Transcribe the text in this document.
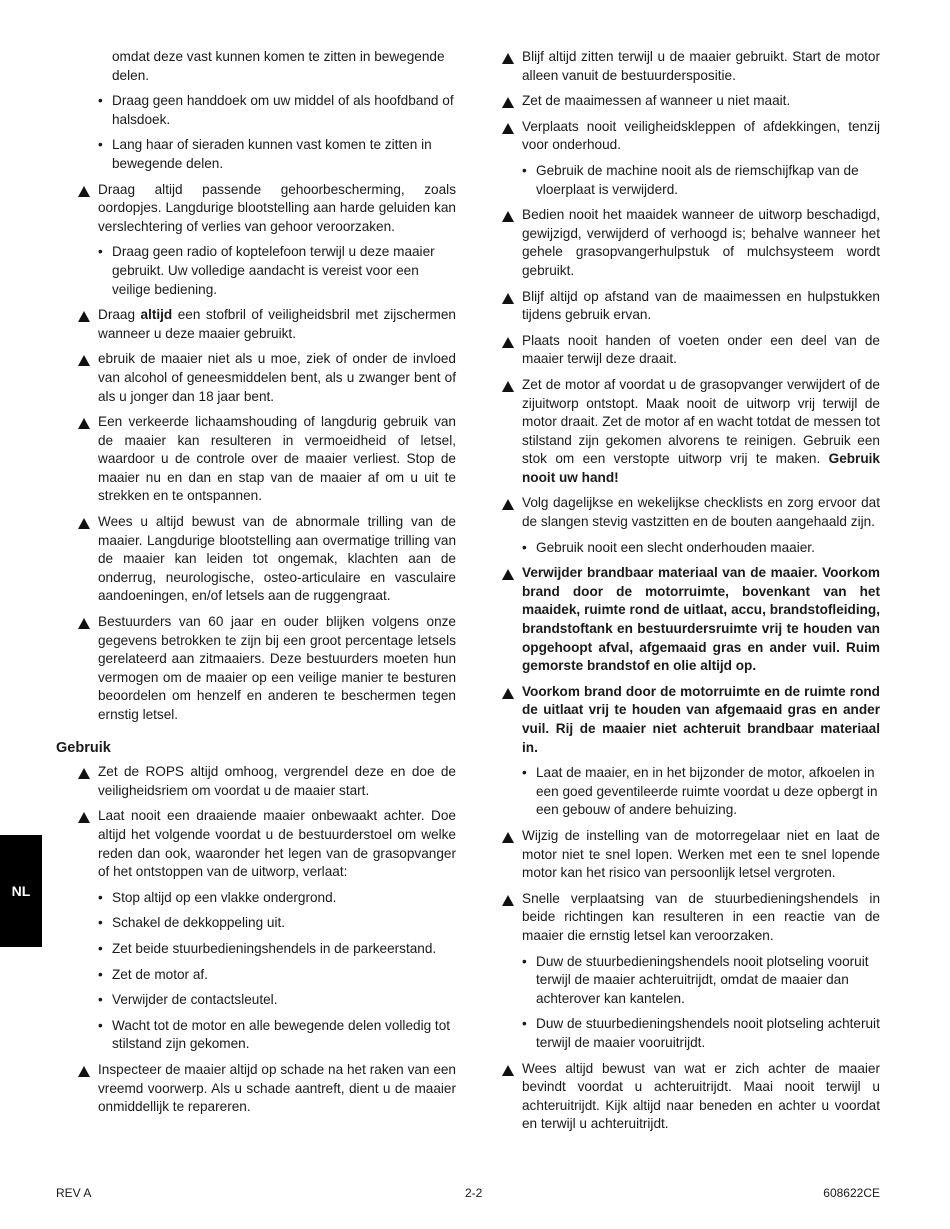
omdat deze vast kunnen komen te zitten in bewegende delen.
• Draag geen handdoek om uw middel of als hoofdband of halsdoek.
• Lang haar of sieraden kunnen vast komen te zitten in bewegende delen.
Draag altijd passende gehoorbescherming, zoals oordopjes. Langdurige blootstelling aan harde geluiden kan verslechtering of verlies van gehoor veroorzaken.
• Draag geen radio of koptelefoon terwijl u deze maaier gebruikt. Uw volledige aandacht is vereist voor een veilige bediening.
Draag altijd een stofbril of veiligheidsbril met zijschermen wanneer u deze maaier gebruikt.
ebruik de maaier niet als u moe, ziek of onder de invloed van alcohol of geneesmiddelen bent, als u zwanger bent of als u jonger dan 18 jaar bent.
Een verkeerde lichaamshouding of langdurig gebruik van de maaier kan resulteren in vermoeidheid of letsel, waardoor u de controle over de maaier verliest. Stop de maaier nu en dan en stap van de maaier af om u uit te strekken en te ontspannen.
Wees u altijd bewust van de abnormale trilling van de maaier. Langdurige blootstelling aan overmatige trilling van de maaier kan leiden tot ongemak, klachten aan de onderrug, neurologische, osteo-articulaire en vasculaire aandoeningen, en/of letsels aan de ruggengraat.
Bestuurders van 60 jaar en ouder blijken volgens onze gegevens betrokken te zijn bij een groot percentage letsels gerelateerd aan zitmaaiers. Deze bestuurders moeten hun vermogen om de maaier op een veilige manier te besturen beoordelen om henzelf en anderen te beschermen tegen ernstig letsel.
Gebruik
Zet de ROPS altijd omhoog, vergrendel deze en doe de veiligheidsriem om voordat u de maaier start.
Laat nooit een draaiende maaier onbewaakt achter. Doe altijd het volgende voordat u de bestuurderstoel om welke reden dan ook, waaronder het legen van de grasopvanger of het ontstoppen van de uitworp, verlaat:
• Stop altijd op een vlakke ondergrond.
• Schakel de dekkoppeling uit.
• Zet beide stuurbedieningshendels in de parkeerstand.
• Zet de motor af.
• Verwijder de contactsleutel.
• Wacht tot de motor en alle bewegende delen volledig tot stilstand zijn gekomen.
Inspecteer de maaier altijd op schade na het raken van een vreemd voorwerp. Als u schade aantreft, dient u de maaier onmiddellijk te repareren.
Blijf altijd zitten terwijl u de maaier gebruikt. Start de motor alleen vanuit de bestuurderspositie.
Zet de maaimessen af wanneer u niet maait.
Verplaats nooit veiligheidskleppen of afdekkingen, tenzij voor onderhoud.
• Gebruik de machine nooit als de riemschijfkap van de vloerplaat is verwijderd.
Bedien nooit het maaidek wanneer de uitworp beschadigd, gewijzigd, verwijderd of verhoogd is; behalve wanneer het gehele grasopvangerhulpstuk of mulchsysteem wordt gebruikt.
Blijf altijd op afstand van de maaimessen en hulpstukken tijdens gebruik ervan.
Plaats nooit handen of voeten onder een deel van de maaier terwijl deze draait.
Zet de motor af voordat u de grasopvanger verwijdert of de zijuitworp ontstopt. Maak nooit de uitworp vrij terwijl de motor draait. Zet de motor af en wacht totdat de messen tot stilstand zijn gekomen alvorens te reinigen. Gebruik een stok om een verstopte uitworp vrij te maken. Gebruik nooit uw hand!
Volg dagelijkse en wekelijkse checklists en zorg ervoor dat de slangen stevig vastzitten en de bouten aangehaald zijn.
• Gebruik nooit een slecht onderhouden maaier.
Verwijder brandbaar materiaal van de maaier. Voorkom brand door de motorruimte, bovenkant van het maaidek, ruimte rond de uitlaat, accu, brandstofleiding, brandstoftank en bestuurdersruimte vrij te houden van opgehoopt afval, afgemaaid gras en ander vuil. Ruim gemorste brandstof en olie altijd op.
Voorkom brand door de motorruimte en de ruimte rond de uitlaat vrij te houden van afgemaaid gras en ander vuil. Rij de maaier niet achteruit brandbaar materiaal in.
• Laat de maaier, en in het bijzonder de motor, afkoelen in een goed geventileerde ruimte voordat u deze opbergt in een gebouw of andere behuizing.
Wijzig de instelling van de motorregelaar niet en laat de motor niet te snel lopen. Werken met een te snel lopende motor kan het risico van persoonlijk letsel vergroten.
Snelle verplaatsing van de stuurbedieningshendels in beide richtingen kan resulteren in een reactie van de maaier die ernstig letsel kan veroorzaken.
• Duw de stuurbedieningshendels nooit plotseling vooruit terwijl de maaier achteruitrijdt, omdat de maaier dan achterover kan kantelen.
• Duw de stuurbedieningshendels nooit plotseling achteruit terwijl de maaier vooruitrijdt.
Wees altijd bewust van wat er zich achter de maaier bevindt voordat u achteruitrijdt. Maai nooit terwijl u achteruitrijdt. Kijk altijd naar beneden en achter u voordat en terwijl u achteruitrijdt.
NL
REV A	2-2	608622CE
